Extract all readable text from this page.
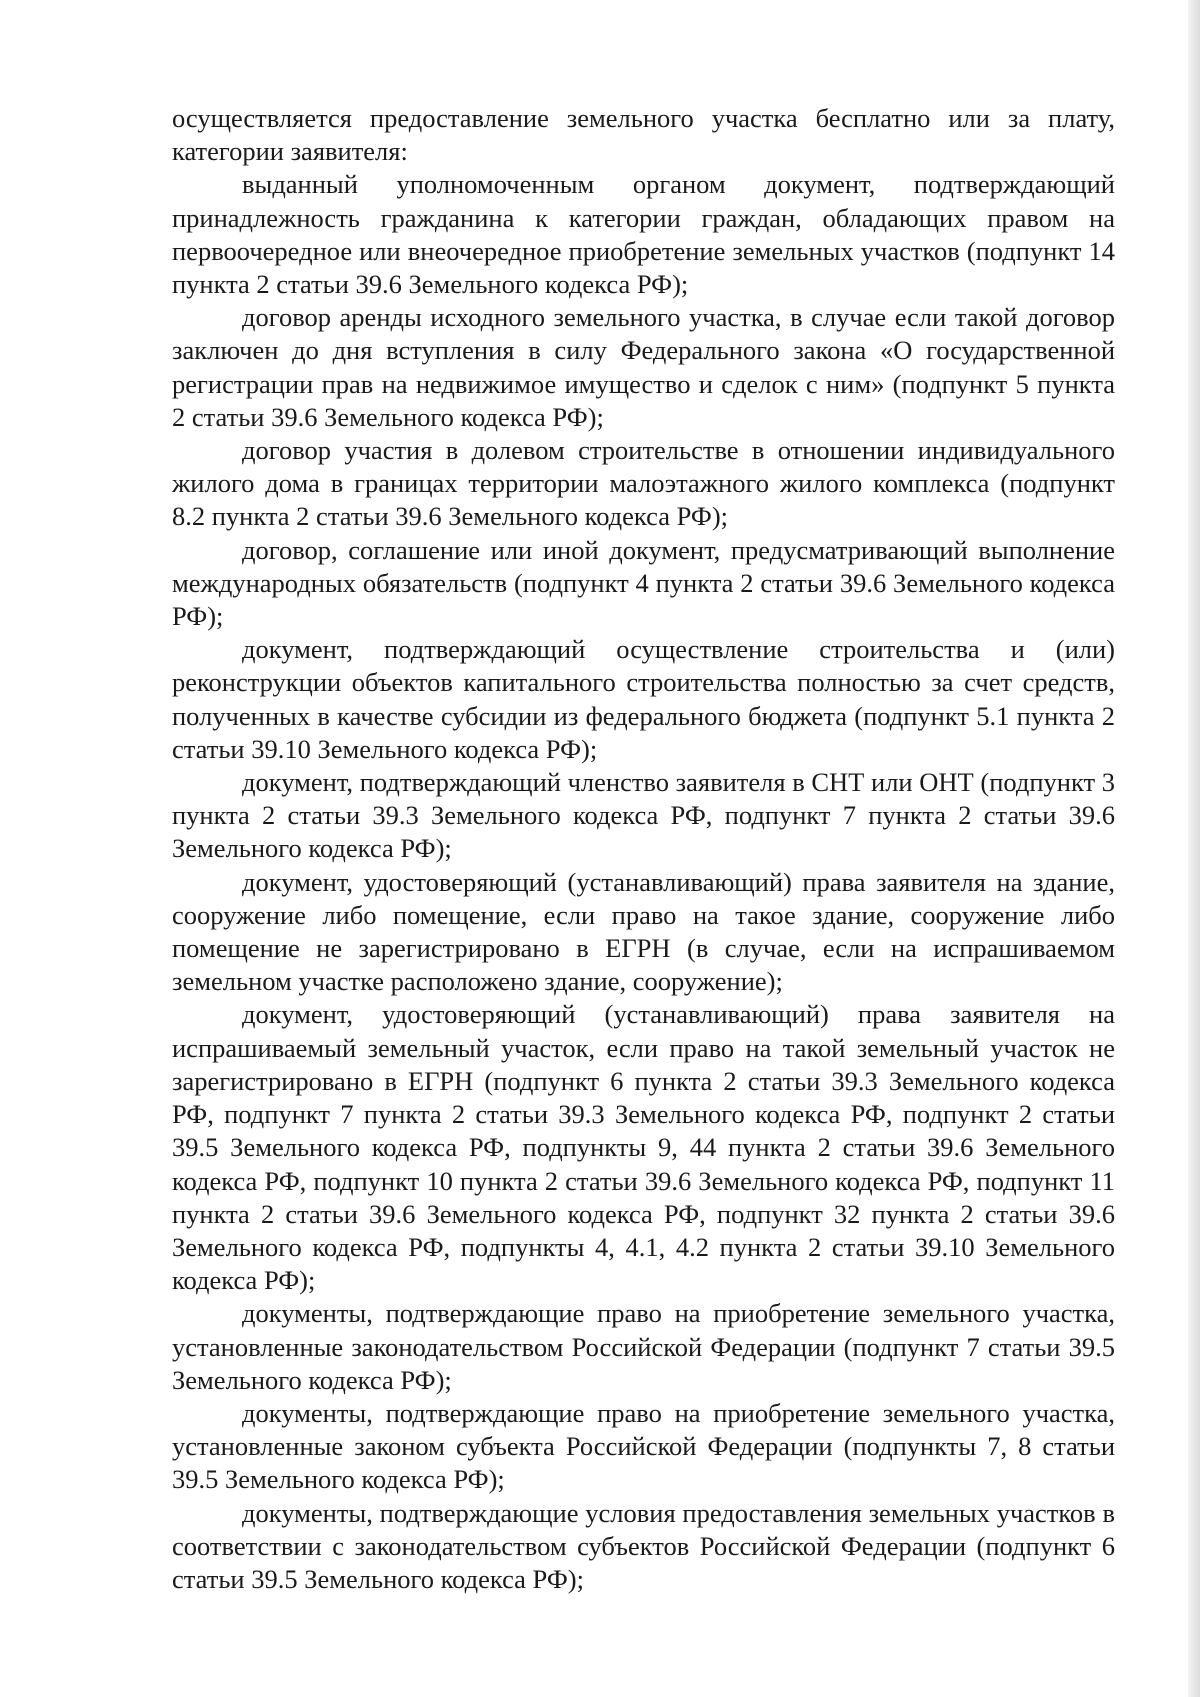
осуществляется предоставление земельного участка бесплатно или за плату, категории заявителя:

выданный уполномоченным органом документ, подтверждающий принадлежность гражданина к категории граждан, обладающих правом на первоочередное или внеочередное приобретение земельных участков (подпункт 14 пункта 2 статьи 39.6 Земельного кодекса РФ);

договор аренды исходного земельного участка, в случае если такой договор заключен до дня вступления в силу Федерального закона «О государственной регистрации прав на недвижимое имущество и сделок с ним» (подпункт 5 пункта 2 статьи 39.6 Земельного кодекса РФ);

договор участия в долевом строительстве в отношении индивидуального жилого дома в границах территории малоэтажного жилого комплекса (подпункт 8.2 пункта 2 статьи 39.6 Земельного кодекса РФ);

договор, соглашение или иной документ, предусматривающий выполнение международных обязательств (подпункт 4 пункта 2 статьи 39.6 Земельного кодекса РФ);

документ, подтверждающий осуществление строительства и (или) реконструкции объектов капитального строительства полностью за счет средств, полученных в качестве субсидии из федерального бюджета (подпункт 5.1 пункта 2 статьи 39.10 Земельного кодекса РФ);

документ, подтверждающий членство заявителя в СНТ или ОНТ (подпункт 3 пункта 2 статьи 39.3 Земельного кодекса РФ, подпункт 7 пункта 2 статьи 39.6 Земельного кодекса РФ);

документ, удостоверяющий (устанавливающий) права заявителя на здание, сооружение либо помещение, если право на такое здание, сооружение либо помещение не зарегистрировано в ЕГРН (в случае, если на испрашиваемом земельном участке расположено здание, сооружение);

документ, удостоверяющий (устанавливающий) права заявителя на испрашиваемый земельный участок, если право на такой земельный участок не зарегистрировано в ЕГРН (подпункт 6 пункта 2 статьи 39.3 Земельного кодекса РФ, подпункт 7 пункта 2 статьи 39.3 Земельного кодекса РФ, подпункт 2 статьи 39.5 Земельного кодекса РФ, подпункты 9, 44 пункта 2 статьи 39.6 Земельного кодекса РФ, подпункт 10 пункта 2 статьи 39.6 Земельного кодекса РФ, подпункт 11 пункта 2 статьи 39.6 Земельного кодекса РФ, подпункт 32 пункта 2 статьи 39.6 Земельного кодекса РФ, подпункты 4, 4.1, 4.2 пункта 2 статьи 39.10 Земельного кодекса РФ);

документы, подтверждающие право на приобретение земельного участка, установленные законодательством Российской Федерации (подпункт 7 статьи 39.5 Земельного кодекса РФ);

документы, подтверждающие право на приобретение земельного участка, установленные законом субъекта Российской Федерации (подпункты 7, 8 статьи 39.5 Земельного кодекса РФ);

документы, подтверждающие условия предоставления земельных участков в соответствии с законодательством субъектов Российской Федерации (подпункт 6 статьи 39.5 Земельного кодекса РФ);
